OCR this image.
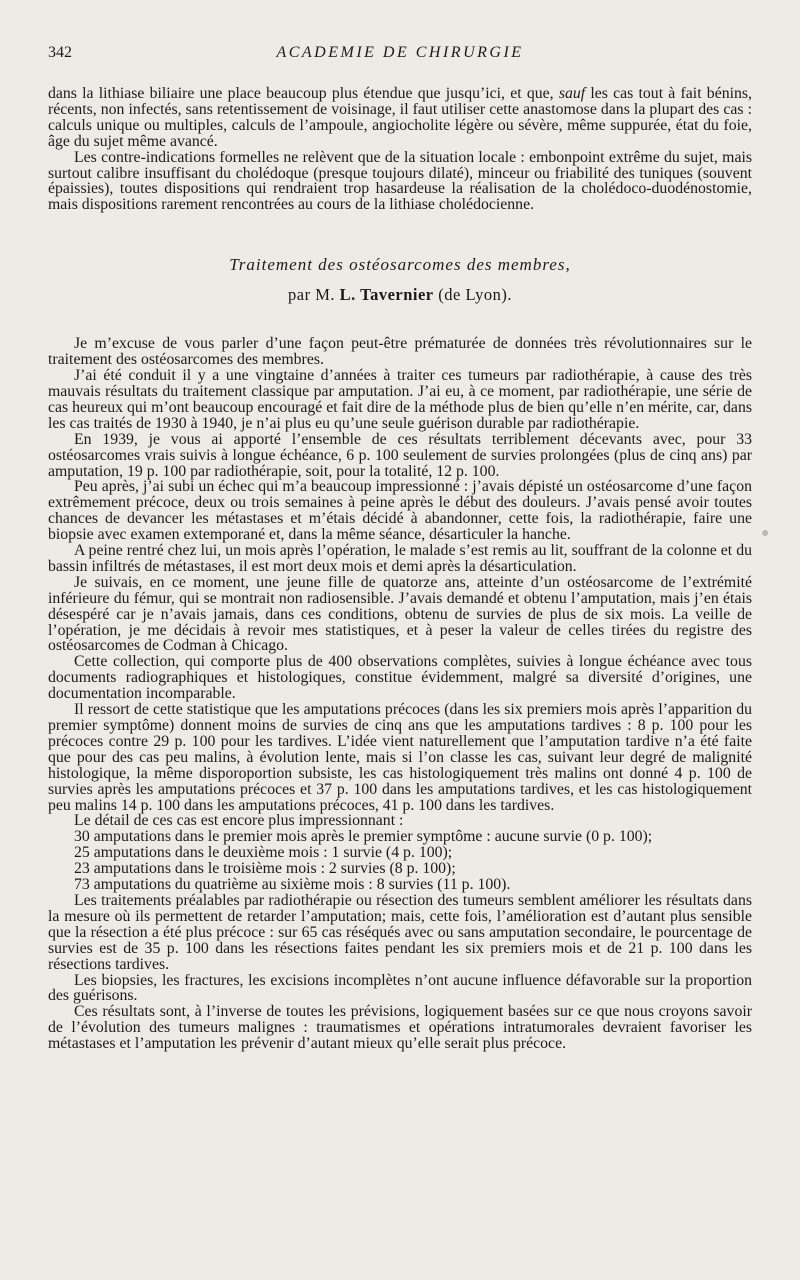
342	ACADEMIE DE CHIRURGIE

dans la lithiase biliaire une place beaucoup plus étendue que jusqu’ici, et que, sauf les cas tout à fait bénins, récents, non infectés, sans retentissement de voisinage, il faut utiliser cette anastomose dans la plupart des cas : calculs unique ou multiples, calculs de l’ampoule, angiocholite légère ou sévère, même suppurée, état du foie, âge du sujet même avancé.

Les contre-indications formelles ne relèvent que de la situation locale : embonpoint extrême du sujet, mais surtout calibre insuffisant du cholédoque (presque toujours dilaté), minceur ou friabilité des tuniques (souvent épaissies), toutes dispositions qui rendraient trop hasardeuse la réalisation de la cholédoco-duodénostomie, mais dispositions rarement rencontrées au cours de la lithiase cholédocienne.

Traitement des ostéosarcomes des membres,
par M. L. Tavernier (de Lyon).

Je m’excuse de vous parler d’une façon peut-être prématurée de données très révolutionnaires sur le traitement des ostéosarcomes des membres.

J’ai été conduit il y a une vingtaine d’années à traiter ces tumeurs par radiothérapie, à cause des très mauvais résultats du traitement classique par amputation. J’ai eu, à ce moment, par radiothérapie, une série de cas heureux qui m’ont beaucoup encouragé et fait dire de la méthode plus de bien qu’elle n’en mérite, car, dans les cas traités de 1930 à 1940, je n’ai plus eu qu’une seule guérison durable par radiothérapie.

En 1939, je vous ai apporté l’ensemble de ces résultats terriblement décevants avec, pour 33 ostéosarcomes vrais suivis à longue échéance, 6 p. 100 seulement de survies prolongées (plus de cinq ans) par amputation, 19 p. 100 par radiothérapie, soit, pour la totalité, 12 p. 100.

Peu après, j’ai subi un échec qui m’a beaucoup impressionné : j’avais dépisté un ostéosarcome d’une façon extrêmement précoce, deux ou trois semaines à peine après le début des douleurs. J’avais pensé avoir toutes chances de devancer les métastases et m’étais décidé à abandonner, cette fois, la radiothérapie, faire une biopsie avec examen extemporané et, dans la même séance, désarticuler la hanche.

A peine rentré chez lui, un mois après l’opération, le malade s’est remis au lit, souffrant de la colonne et du bassin infiltrés de métastases, il est mort deux mois et demi après la désarticulation.

Je suivais, en ce moment, une jeune fille de quatorze ans, atteinte d’un ostéosarcome de l’extrémité inférieure du fémur, qui se montrait non radiosensible. J’avais demandé et obtenu l’amputation, mais j’en étais désespéré car je n’avais jamais, dans ces conditions, obtenu de survies de plus de six mois. La veille de l’opération, je me décidais à revoir mes statistiques, et à peser la valeur de celles tirées du registre des ostéosarcomes de Codman à Chicago.

Cette collection, qui comporte plus de 400 observations complètes, suivies à longue échéance avec tous documents radiographiques et histologiques, constitue évidemment, malgré sa diversité d’origines, une documentation incomparable.

Il ressort de cette statistique que les amputations précoces (dans les six premiers mois après l’apparition du premier symptôme) donnent moins de survies de cinq ans que les amputations tardives : 8 p. 100 pour les précoces contre 29 p. 100 pour les tardives. L’idée vient naturellement que l’amputation tardive n’a été faite que pour des cas peu malins, à évolution lente, mais si l’on classe les cas, suivant leur degré de malignité histologique, la même disporoportion subsiste, les cas histologiquement très malins ont donné 4 p. 100 de survies après les amputations précoces et 37 p. 100 dans les amputations tardives, et les cas histologiquement peu malins 14 p. 100 dans les amputations précoces, 41 p. 100 dans les tardives.

Le détail de ces cas est encore plus impressionnant :

30 amputations dans le premier mois après le premier symptôme : aucune survie (0 p. 100);

25 amputations dans le deuxième mois : 1 survie (4 p. 100);

23 amputations dans le troisième mois : 2 survies (8 p. 100);

73 amputations du quatrième au sixième mois : 8 survies (11 p. 100).

Les traitements préalables par radiothérapie ou résection des tumeurs semblent améliorer les résultats dans la mesure où ils permettent de retarder l’amputation; mais, cette fois, l’amélioration est d’autant plus sensible que la résection a été plus précoce : sur 65 cas réséqués avec ou sans amputation secondaire, le pourcentage de survies est de 35 p. 100 dans les résections faites pendant les six premiers mois et de 21 p. 100 dans les résections tardives.

Les biopsies, les fractures, les excisions incomplètes n’ont aucune influence défavorable sur la proportion des guérisons.

Ces résultats sont, à l’inverse de toutes les prévisions, logiquement basées sur ce que nous croyons savoir de l’évolution des tumeurs malignes : traumatismes et opérations intratumorales devraient favoriser les métastases et l’amputation les prévenir d’autant mieux qu’elle serait plus précoce.

●
